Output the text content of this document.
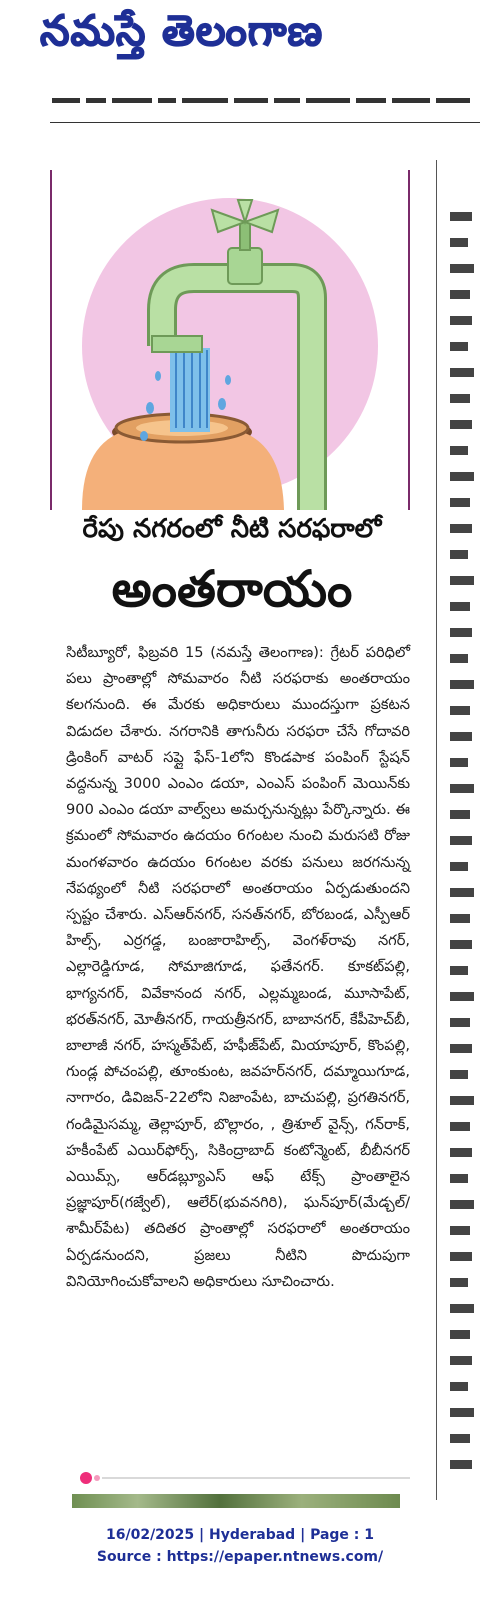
నమస్తే తెలంగాణ
రేపు నగరంలో నీటి సరఫరాలో
అంతరాయం
సిటీబ్యూరో, ఫిబ్రవరి 15 (నమస్తే తెలంగాణ): గ్రేటర్ పరిధిలో పలు ప్రాంతాల్లో సోమవారం నీటి సరఫరాకు అంతరాయం కలగనుంది. ఈ మేరకు అధికారులు ముందస్తుగా ప్రకటన విడుదల చేశారు. నగరానికి తాగునీరు సరఫరా చేసే గోదావరి డ్రింకింగ్ వాటర్ సప్లై ఫేస్-1లోని కొండపాక పంపింగ్ స్టేషన్ వద్దనున్న 3000 ఎంఎం డయా, ఎంఎస్ పంపింగ్ మెయిన్‌కు 900 ఎంఎం డయా వాల్వ్‌లు అమర్చనున్నట్లు పేర్కొన్నారు. ఈ క్రమంలో సోమవారం ఉదయం 6గంటల నుంచి మరుసటి రోజు మంగళవారం ఉదయం 6గంటల వరకు పనులు జరగనున్న నేపథ్యంలో నీటి సరఫరాలో అంతరాయం ఏర్పడుతుందని స్పష్టం చేశారు. ఎస్ఆర్‌నగర్, సనత్‌నగర్, బోరబండ, ఎస్పీఆర్ హిల్స్, ఎర్రగడ్డ, బంజారాహిల్స్, వెంగళ్‌రావు నగర్, ఎల్లారెడ్డిగూడ, సోమాజిగూడ, ఫతేనగర్. కూకట్‌పల్లి, భాగ్యనగర్, వివేకానంద నగర్, ఎల్లమ్మబండ, మూసాపేట్, భరత్‌నగర్, మోతీనగర్, గాయత్రీనగర్, బాబానగర్, కేపీహెచ్‌బీ, బాలాజీ నగర్, హస్మత్‌పేట్, హఫీజ్‌పేట్, మియాపూర్, కొంపల్లి, గుండ్ల పోచంపల్లి, తూంకుంట, జవహర్‌నగర్, దమ్మాయిగూడ, నాగారం, డివిజన్-22లోని నిజాంపేట, బాచుపల్లి, ప్రగతినగర్, గండిమైసమ్మ, తెల్లాపూర్, బొల్లారం, , త్రిశూల్ వైన్స్, గన్‌రాక్, హకీంపేట్ ఎయిర్‌ఫోర్స్, సికింద్రాబాద్ కంటోన్మెంట్, బీబీనగర్ ఎయిమ్స్, ఆర్‌డబ్ల్యూఎస్ ఆఫ్ టేక్స్ ప్రాంతాలైన ప్రజ్ఞాపూర్(గజ్వేల్), ఆలేర్(భువనగిరి), ఘన్‌పూర్(మేడ్చల్/శామీర్‌పేట) తదితర ప్రాంతాల్లో సరఫరాలో అంతరాయం ఏర్పడనుందని, ప్రజలు నీటిని పొదుపుగా వినియోగించుకోవాలని అధికారులు సూచించారు.
16/02/2025 | Hyderabad | Page : 1
Source : https://epaper.ntnews.com/
